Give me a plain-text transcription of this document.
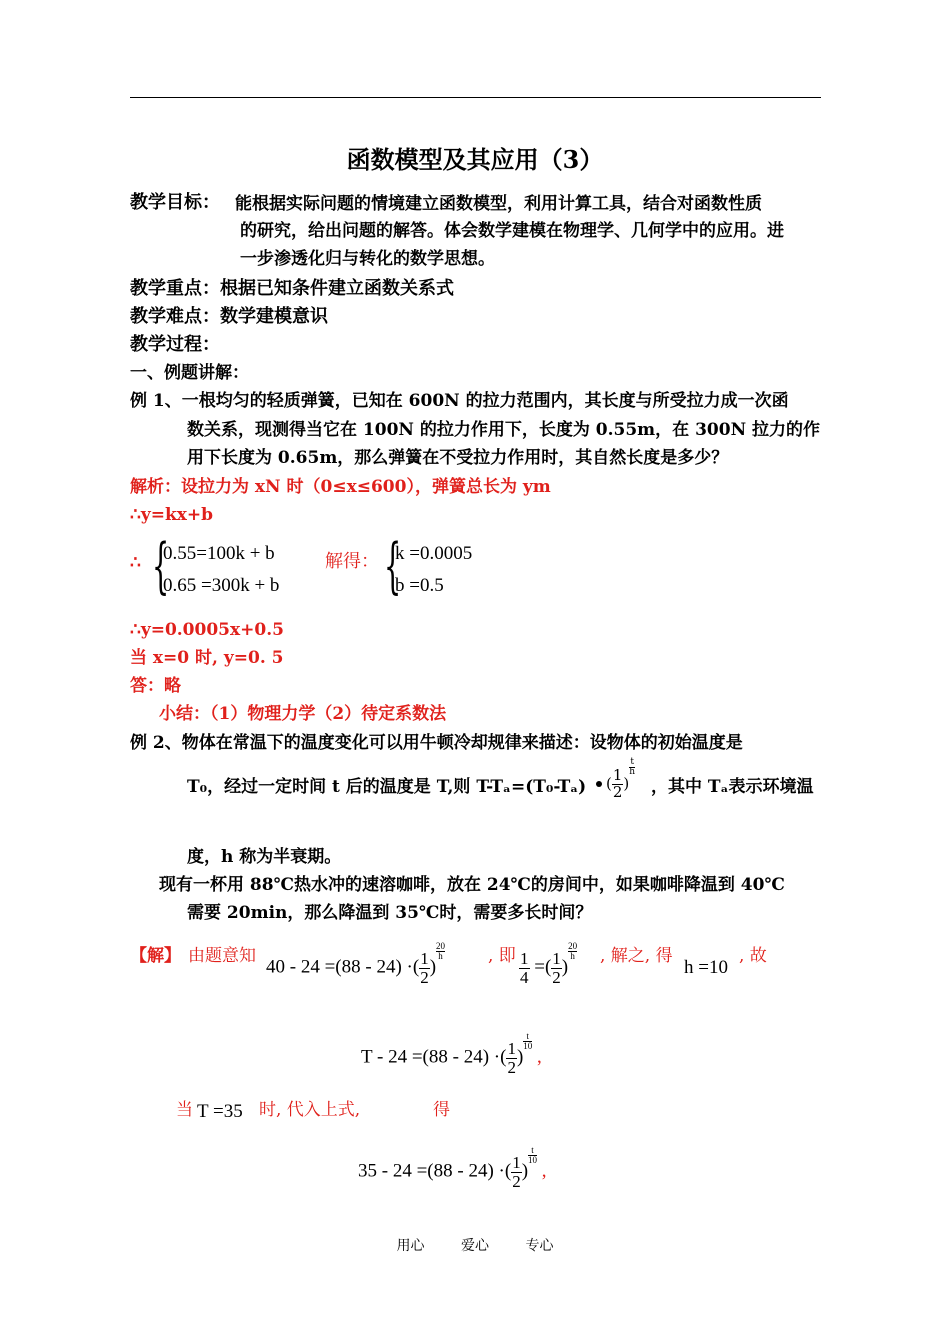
函数模型及其应用（3）
教学目标： 能根据实际问题的情境建立函数模型，利用计算工具，结合对函数性质
的研究，给出问题的解答。体会数学建模在物理学、几何学中的应用。进
一步渗透化归与转化的数学思想。
教学重点：根据已知条件建立函数关系式
教学难点：数学建模意识
教学过程：
一、例题讲解：
例 1、一根均匀的轻质弹簧，已知在 600N 的拉力范围内，其长度与所受拉力成一次函
数关系，现测得当它在 100N 的拉力作用下，长度为 0.55m，在 300N 拉力的作
用下长度为 0.65m，那么弹簧在不受拉力作用时，其自然长度是多少？
解析：设拉力为 xN 时（0≤x≤600），弹簧总长为 ym
∴y=kx+b
∴ {
0.55=100k + b
0.65 =300k + b
解得： {
k =0.0005
b =0.5
∴y=0.0005x+0.5
当 x=0 时, y=0. 5
答：略
小结：（1）物理力学（2）待定系数法
例 2、物体在常温下的温度变化可以用牛顿冷却规律来描述：设物体的初始温度是
T₀，经过一定时间 t 后的温度是 T,则 T-Tₐ=(T₀-Tₐ)	( $\frac{1}{2}$ )
$\frac{t}{h}$
，其中 Tₐ表示环境温
度，h 称为半衰期。
现有一杯用 88℃热水冲的速溶咖啡，放在 24℃的房间中，如果咖啡降温到 40℃
需要 20min，那么降温到 35℃时，需要多长时间？
【解】 由题意知
40 - 24 =(88 - 24) ·( $\frac{1}{2}$ )
$\frac{20}{h}$	, 即 $\frac{1}{4}$ =( $\frac{1}{2}$ )
$\frac{20}{h}$ , 解之, 得
h =10
, 故
T - 24 =(88 - 24) ·( $\frac{1}{2}$ )
$\frac{t}{10}$
,
当 T =35 时, 代入上式,	得
35 - 24 =(88 - 24) ·( $\frac{1}{2}$ )
$\frac{t}{10}$
,
用心	爱心	专心
